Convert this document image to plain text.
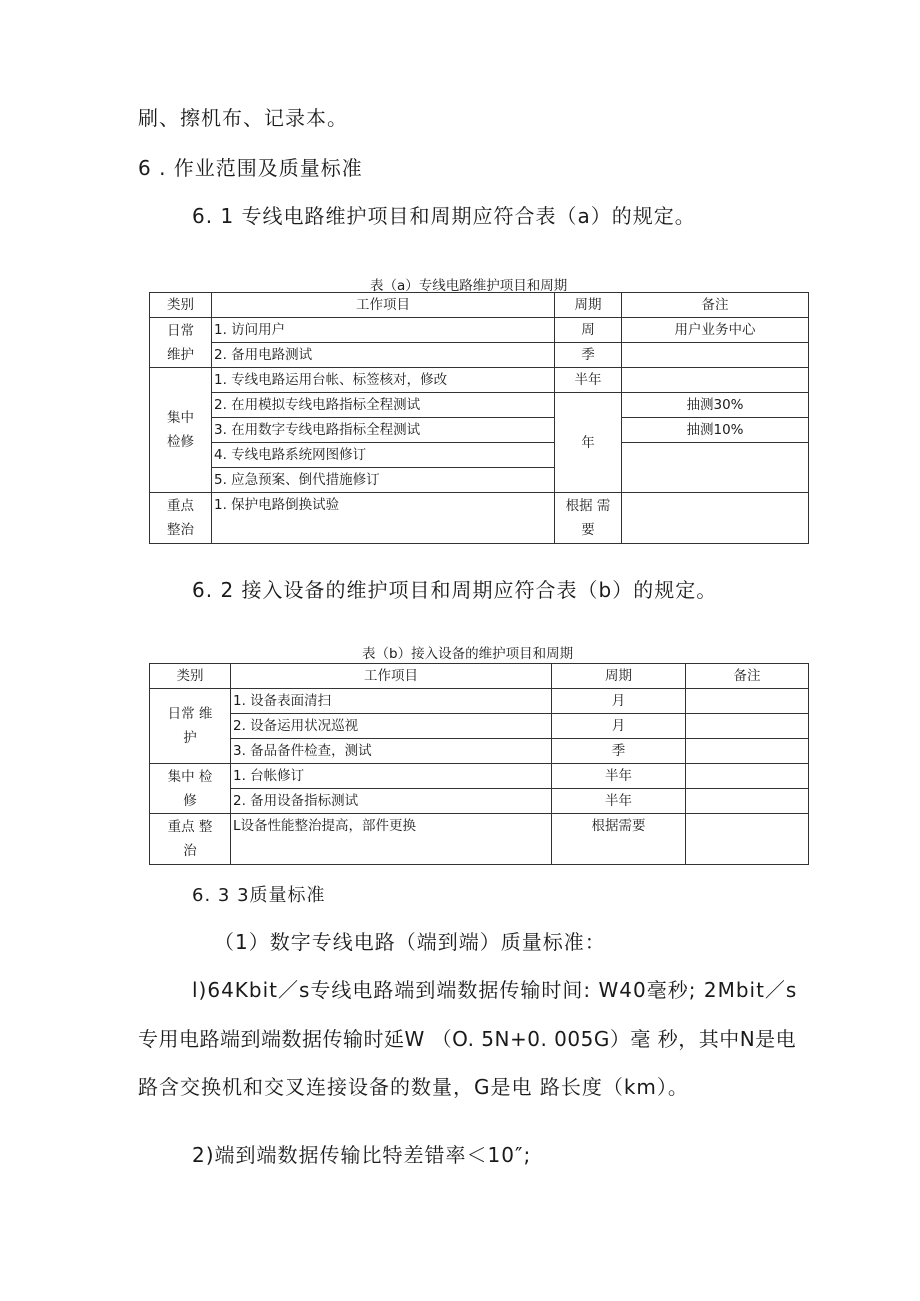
刷、擦机布、记录本。
6 . 作业范围及质量标准
6. 1 专线电路维护项目和周期应符合表（a）的规定。
表（a）专线电路维护项目和周期
类别	工作项目	周期	备注

日常
维护	1. 访问用户	周	用户业务中心
	2. 备用电路测试	季	

集中
检修	1. 专线电路运用台帐、标签核对，修改	半年	
	2. 在用模拟专线电路指标全程测试	年	抽测30%
	3. 在用数字专线电路指标全程测试		抽测10%
	4. 专线电路系统网图修订		
	5. 应急预案、倒代措施修订		

重点
整治	1. 保护电路倒换试验	根据 需
要	

6. 2 接入设备的维护项目和周期应符合表（b）的规定。
表（b）接入设备的维护项目和周期
类别	工作项目	周期	备注

日常 维
护	1. 设备表面清扫	月	
	2. 设备运用状况巡视	月	
	3. 备品备件检查，测试	季	

集中 检
修	1. 台帐修订	半年	
	2. 备用设备指标测试	半年	

重点 整
治	L设备性能整治提高，部件更换	根据需要	
6. 3 3质量标准
（1）数字专线电路（端到端）质量标准：
l)64Kbit／s专线电路端到端数据传输时间: W40毫秒; 2Mbit／s
专用电路端到端数据传输时延W （O. 5N+0. 005G）毫 秒，其中N是电
路含交换机和交叉连接设备的数量，G是电 路长度（km）。
2)端到端数据传输比特差错率＜10″;
